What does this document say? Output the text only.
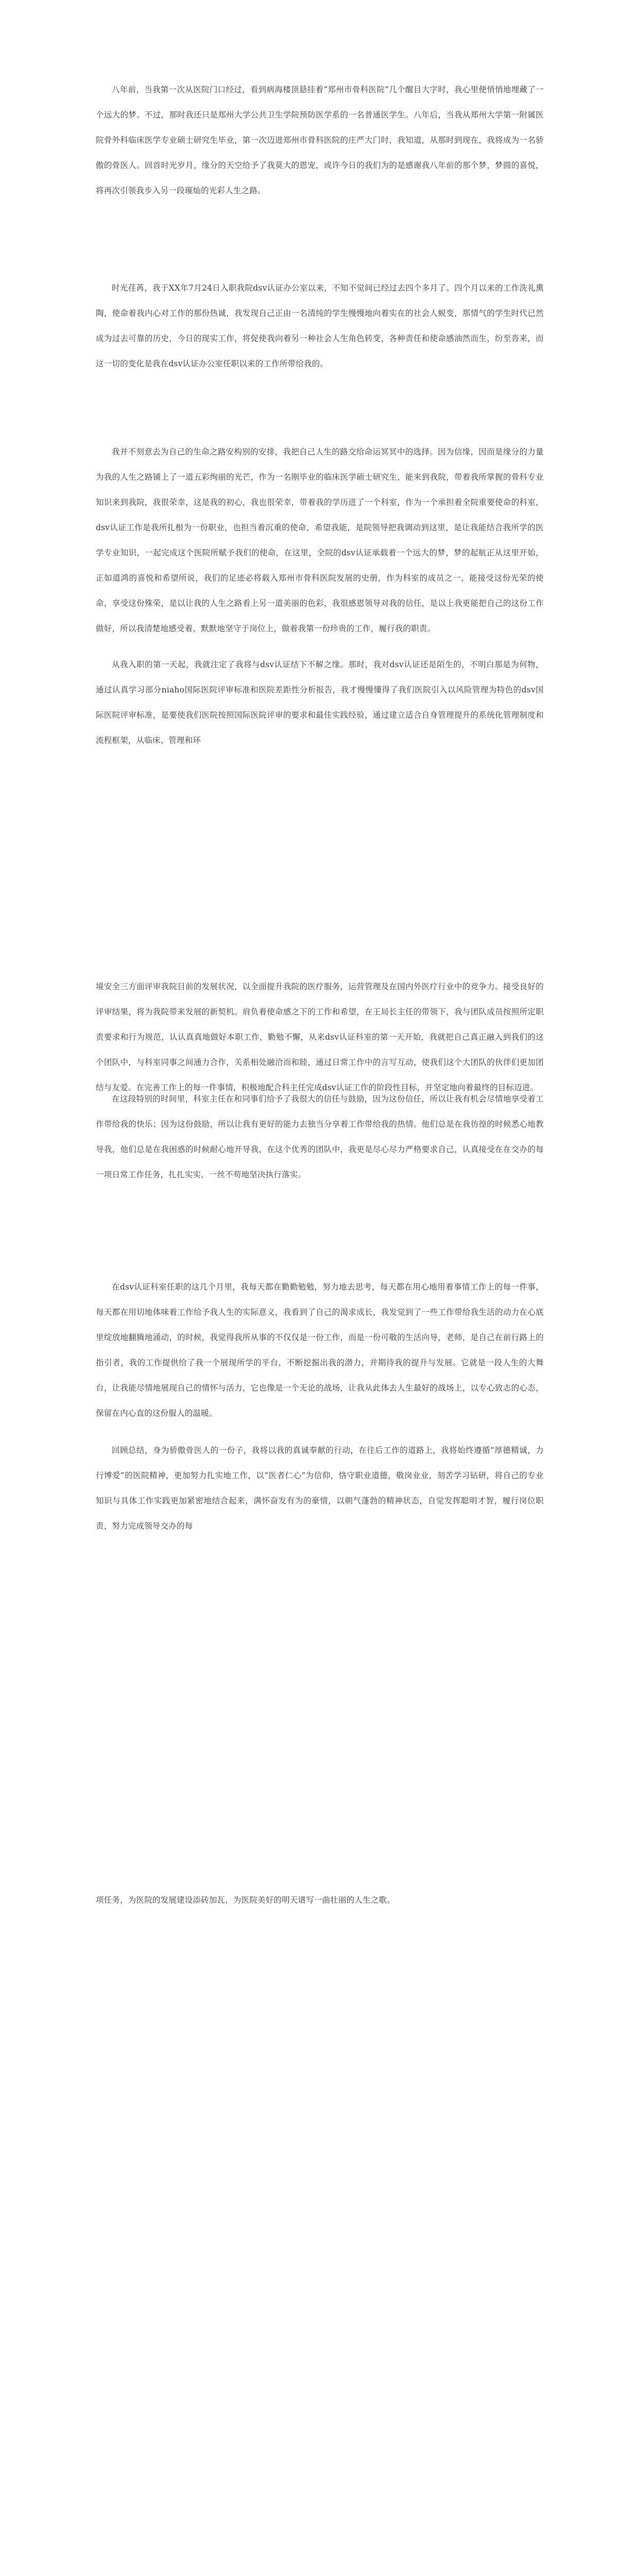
八年前，当我第一次从医院门口经过，看到病海楼顶悬挂着“郑州市骨科医院”几个醒目大字时，我心里便悄悄地埋藏了一个远大的梦。不过，那时我还只是郑州大学公共卫生学院预防医学系的一名普通医学生。八年后，当我从郑州大学第一附属医院骨外科临床医学专业硕士研究生毕业，第一次迈进郑州市骨科医院的庄严大门时，我知道，从那时到现在，我将成为一名骄傲的骨医人。回首时光岁月，缘分的天空给予了我莫大的恩宠，或许今日的我们为的是感谢我八年前的那个梦，梦圆的喜悦，将再次引领我步入另一段璀灿的光彩人生之路。

时光荏苒，我于XX年7月24日入职我院dsv认证办公室以来，不知不觉间已经过去四个多月了。四个月以来的工作洗礼熏陶，使命着我内心对工作的那份热诚，我发现自己正由一名清纯的学生慢慢地向着实在的社会人蜕变，那情气的学生时代已然成为过去可靠的历史，今日的现实工作，将促使我向着另一种社会人生角色转变，各种责任和使命感油然而生，纷至沓来，而这一切的变化是我在dsv认证办公室任职以来的工作所带给我的。

我并不刻意去为自己的生命之路安构别的安排，我把自己人生的路交给命运冥冥中的选择。因为信缘，因而是缘分的力量为我的人生之路铺上了一道五彩绚丽的光芒，作为一名刚毕业的临床医学硕士研究生，能来到我院，带着我所掌握的骨科专业知识来到我院，我很荣幸，这是我的初心，我也很荣幸，带着我的学历进了一个科室，作为一个承担着全院重要使命的科室，dsv认证工作是我所扎根为一份职业，也担当着沉重的使命，希望我能，是院领导把我调动到这里，是让我能结合我所学的医学专业知识，一起完成这个医院所赋予我们的使命，在这里，全院的dsv认证承载着一个远大的梦，梦的起航正从这里开始，正如道鸿的喜悦和希望所说，我们的足迹必将载入郑州市骨科医院发展的史册，作为科室的成员之一，能接受这份光荣的使命，享受这份殊荣，是以让我的人生之路看上另一道美丽的色彩，我很感恩领导对我的信任，是以上我更能把自己的这份工作做好，所以我清楚地感受着，默默地坚守于岗位上，做着我第一份珍贵的工作，履行我的职责。

从我入职的第一天起，我就注定了我将与dsv认证结下不解之缘。那时，我对dsv认证还是陌生的，不明白那是为何物，通过认真学习部分niaho国际医院评审标准和医院差距性分析报告，我才慢慢懂得了我们医院引入以风险管理为特色的dsv国际医院评审标准，是要使我们医院按照国际医院评审的要求和最佳实践经验，通过建立适合自身管理提升的系统化管理制度和流程框架，从临床、管理和环

境安全三方面评审我院目前的发展状况，以全面提升我院的医疗服务，运营管理及在国内外医疗行业中的竞争力。接受良好的评审结果，将为我院带来发展的新契机。肩负着使命感之下的工作和希望，在王局长主任的带领下，我与团队成员按照所定职责要求和行为规范，认认真真地做好本职工作，勤勉不懈，从来dsv认证科室的第一天开始，我就把自己真正融入到我们的这个团队中，与科室同事之间通力合作，关系相处融洽而和睦，通过日常工作中的言写互动，使我们这个大团队的伙伴们更加团结与友爱。在完善工作上的每一件事情，积极地配合科主任完成dsv认证工作的阶段性目标，并坚定地向着最终的目标迈进。

在这段特别的时间里，科室主任在和同事们给予了我很大的信任与鼓励，因为这份信任，所以让我有机会尽情地享受着工作带给我的快乐；因为这份鼓励，所以让我有更好的能力去独当分享着工作带给我的热情。他们总是在我彷徨的时候悉心地教导我，他们总是在我困惑的时候耐心地开导我，在这个优秀的团队中，我更是尽心尽力严格要求自己，认真接受在在交办的每一项日常工作任务，扎扎实实，一丝不苟地坚决执行落实。

在dsv认证科室任职的这几个月里，我每天都在勤勤勉勉，努力地去思考，每天都在用心地用着事情工作上的每一件事，每天都在用切地体味着工作给予我人生的实际意义，我看到了自己的渴求成长，我发觉到了一些工作带给我生活的动力在心底里绽放地翻腾地涌动，的时候，我觉得我所从事的不仅仅是一份工作，而是一份可敬的生活向导，老师，是自己在前行路上的指引者，我的工作提供给了我一个展现所学的平台，不断挖掘出我的潜力，并期待我的提升与发展。它就是一段人生的大舞台，让我能尽情地展现自己的情怀与活力，它也像是一个无论的战场，让我从此体去人生最好的战场上，以专心致志的心态，保留在内心直的这份服人的温暖。

回顾总结，身为骄傲骨医人的一份子，我将以我的真诚奉献的行动，在往后工作的道路上，我将始终遵循“厚德精诚，力行博爱”的医院精神，更加努力扎实地工作，以“医者仁心”为信仰，恪守职业道德，敬岗业业，刻苦学习钻研，将自己的专业知识与具体工作实践更加紧密地结合起来，满怀奋发有为的豪情，以朝气蓬勃的精神状态，自觉发挥聪明才智，履行岗位职责，努力完成领导交办的每

项任务，为医院的发展建设添砖加瓦，为医院美好的明天谱写一曲壮丽的人生之歌。
